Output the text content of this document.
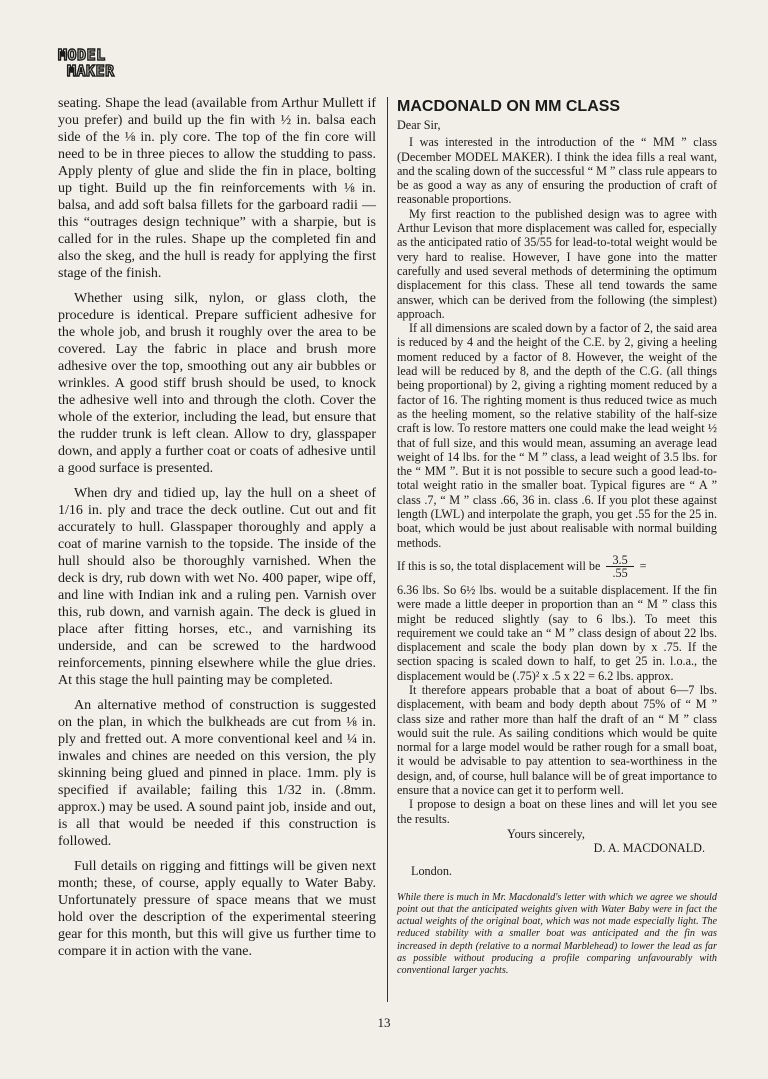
MODEL
MAKER

seating. Shape the lead (available from Arthur Mullett if you prefer) and build up the fin with ½ in. balsa each side of the ⅛ in. ply core. The top of the fin core will need to be in three pieces to allow the studding to pass. Apply plenty of glue and slide the fin in place, bolting up tight. Build up the fin reinforcements with ⅛ in. balsa, and add soft balsa fillets for the garboard radii — this “outrages design technique” with a sharpie, but is called for in the rules. Shape up the completed fin and also the skeg, and the hull is ready for applying the first stage of the finish.

Whether using silk, nylon, or glass cloth, the procedure is identical. Prepare sufficient adhesive for the whole job, and brush it roughly over the area to be covered. Lay the fabric in place and brush more adhesive over the top, smoothing out any air bubbles or wrinkles. A good stiff brush should be used, to knock the adhesive well into and through the cloth. Cover the whole of the exterior, including the lead, but ensure that the rudder trunk is left clean. Allow to dry, glasspaper down, and apply a further coat or coats of adhesive until a good surface is presented.

When dry and tidied up, lay the hull on a sheet of 1/16 in. ply and trace the deck outline. Cut out and fit accurately to hull. Glasspaper thoroughly and apply a coat of marine varnish to the topside. The inside of the hull should also be thoroughly varnished. When the deck is dry, rub down with wet No. 400 paper, wipe off, and line with Indian ink and a ruling pen. Varnish over this, rub down, and varnish again. The deck is glued in place after fitting horses, etc., and varnishing its underside, and can be screwed to the hardwood reinforcements, pinning elsewhere while the glue dries. At this stage the hull painting may be completed.

An alternative method of construction is suggested on the plan, in which the bulkheads are cut from ⅛ in. ply and fretted out. A more conventional keel and ¼ in. inwales and chines are needed on this version, the ply skinning being glued and pinned in place. 1mm. ply is specified if available; failing this 1/32 in. (.8mm. approx.) may be used. A sound paint job, inside and out, is all that would be needed if this construction is followed.

Full details on rigging and fittings will be given next month; these, of course, apply equally to Water Baby. Unfortunately pressure of space means that we must hold over the description of the experimental steering gear for this month, but this will give us further time to compare it in action with the vane.

MACDONALD ON MM CLASS
Dear Sir,

I was interested in the introduction of the “ MM ” class (December MODEL MAKER). I think the idea fills a real want, and the scaling down of the successful “ M ” class rule appears to be as good a way as any of ensuring the production of craft of reasonable proportions.

My first reaction to the published design was to agree with Arthur Levison that more displacement was called for, especially as the anticipated ratio of 35/55 for lead-to-total weight would be very hard to realise. However, I have gone into the matter carefully and used several methods of determining the optimum displacement for this class. These all tend towards the same answer, which can be derived from the following (the simplest) approach.

If all dimensions are scaled down by a factor of 2, the said area is reduced by 4 and the height of the C.E. by 2, giving a heeling moment reduced by a factor of 8. However, the weight of the lead will be reduced by 8, and the depth of the C.G. (all things being proportional) by 2, giving a righting moment reduced by a factor of 16. The righting moment is thus reduced twice as much as the heeling moment, so the relative stability of the half-size craft is low. To restore matters one could make the lead weight ½ that of full size, and this would mean, assuming an average lead weight of 14 lbs. for the “ M ” class, a lead weight of 3.5 lbs. for the “ MM ”. But it is not possible to secure such a good lead-to-total weight ratio in the smaller boat. Typical figures are “ A ” class .7, “ M ” class .66, 36 in. class .6. If you plot these against length (LWL) and interpolate the graph, you get .55 for the 25 in. boat, which would be just about realisable with normal building methods.

If this is so, the total displacement will be $\frac{3.5}{.55}$ =

6.36 lbs. So 6½ lbs. would be a suitable displacement. If the fin were made a little deeper in proportion than an “ M ” class this might be reduced slightly (say to 6 lbs.). To meet this requirement we could take an “ M ” class design of about 22 lbs. displacement and scale the body plan down by x .75. If the section spacing is scaled down to half, to get 25 in. l.o.a., the displacement would be (.75)² x .5 x 22 = 6.2 lbs. approx.

It therefore appears probable that a boat of about 6—7 lbs. displacement, with beam and body depth about 75% of “ M ” class size and rather more than half the draft of an “ M ” class would suit the rule. As sailing conditions which would be quite normal for a large model would be rather rough for a small boat, it would be advisable to pay attention to sea-worthiness in the design, and, of course, hull balance will be of great importance to ensure that a novice can get it to perform well.

I propose to design a boat on these lines and will let you see the results.

Yours sincerely,
D. A. MACDONALD.
London.
While there is much in Mr. Macdonald's letter with which we agree we should point out that the anticipated weights given with Water Baby were in fact the actual weights of the original boat, which was not made especially light. The reduced stability with a smaller boat was anticipated and the fin was increased in depth (relative to a normal Marblehead) to lower the lead as far as possible without producing a profile comparing unfavourably with conventional larger yachts.
13
